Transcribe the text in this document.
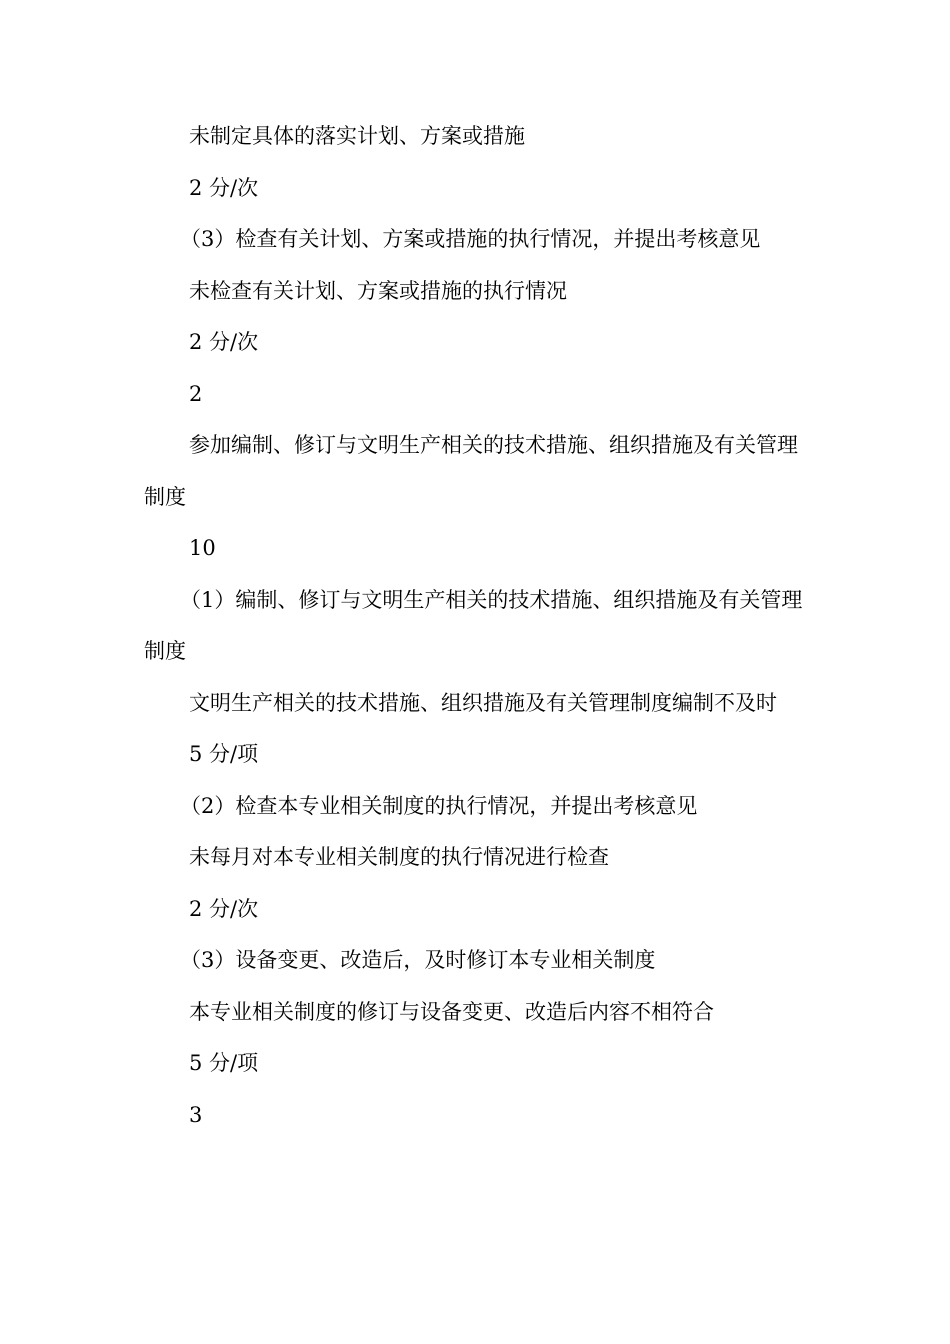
未制定具体的落实计划、方案或措施

2 分/次

（3）检查有关计划、方案或措施的执行情况，并提出考核意见

未检查有关计划、方案或措施的执行情况

2 分/次

2

参加编制、修订与文明生产相关的技术措施、组织措施及有关管理制度

10

（1）编制、修订与文明生产相关的技术措施、组织措施及有关管理制度

文明生产相关的技术措施、组织措施及有关管理制度编制不及时

5 分/项

（2）检查本专业相关制度的执行情况，并提出考核意见

未每月对本专业相关制度的执行情况进行检查

2 分/次

（3）设备变更、改造后，及时修订本专业相关制度

本专业相关制度的修订与设备变更、改造后内容不相符合

5 分/项

3
